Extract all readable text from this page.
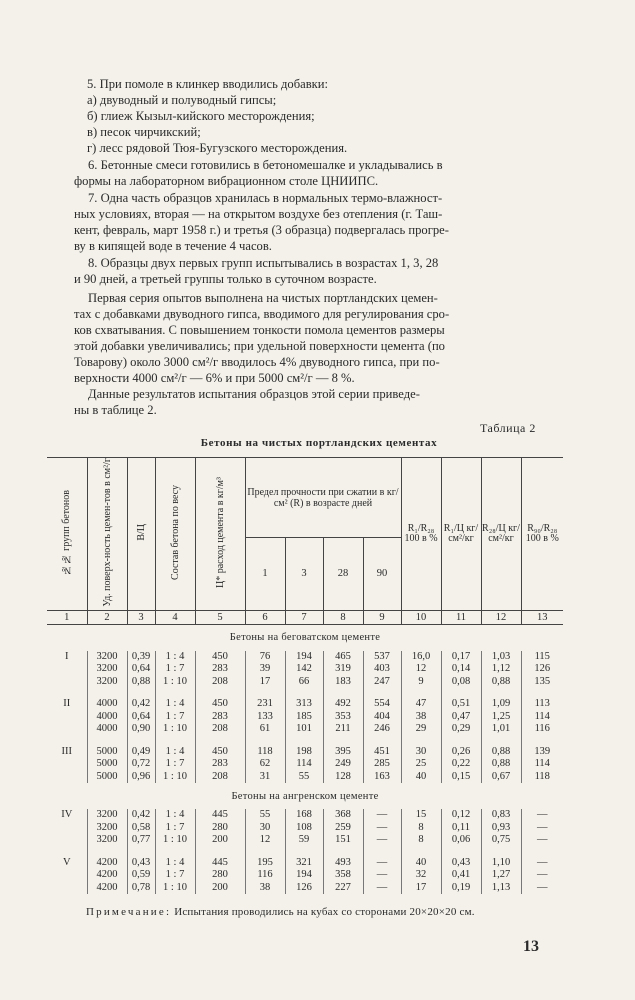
5. При помоле в клинкер вводились добавки:
а) двуводный и полуводный гипсы;
б) глиеж Кызыл-кийского месторождения;
в) песок чирчикский;
г) лесс рядовой Тюя-Бугузского месторождения.
6. Бетонные смеси готовились в бетономешалке и укладывались в
формы на лабораторном вибрационном столе ЦНИИПС.
7. Одна часть образцов хранилась в нормальных термо-влажност-
ных условиях, вторая — на открытом воздухе без отепления (г. Таш-
кент, февраль, март 1958 г.) и третья (3 образца) подвергалась прогре-
ву в кипящей воде в течение 4 часов.
8. Образцы двух первых групп испытывались в возрастах 1, 3, 28
и 90 дней, а третьей группы только в суточном возрасте.
Первая серия опытов выполнена на чистых портландских цемен-
тах с добавками двуводного гипса, вводимого для регулирования сро-
ков схватывания. С повышением тонкости помола цементов размеры
этой добавки увеличивались; при удельной поверхности цемента (по
Товарову) около 3000 см²/г вводилось 4% двуводного гипса, при по-
верхности 4000 см²/г — 6% и при 5000 см²/г — 8 %.
Данные результатов испытания образцов этой серии приведе-
ны в таблице 2.
Таблица 2
Бетоны на чистых портландских цементах
№№ групп бетонов	Уд. поверх-ность цемен-тов в см²/г	В/Ц	Состав бетона по весу	Ц* расход цемента в кг/м³	Предел прочности при сжатии в кг/см² (R) в возрасте дней				R₁/R₂₈ 100 в %	R₁/Ц кг/см²/кг	R₂₈/Ц кг/см²/кг	R₉₀/R₂₈ 100 в %
					1	3	28	90				
1	2	3	4	5	6	7	8	9	10	11	12	13
Бетоны на беговатском цементе												
I	3200	0,39	1 : 4	450	76	194	465	537	16,0	0,17	1,03	115
	3200	0,64	1 : 7	283	39	142	319	403	12	0,14	1,12	126
	3200	0,88	1 : 10	208	17	66	183	247	9	0,08	0,88	135

II	4000	0,42	1 : 4	450	231	313	492	554	47	0,51	1,09	113
	4000	0,64	1 : 7	283	133	185	353	404	38	0,47	1,25	114
	4000	0,90	1 : 10	208	61	101	211	246	29	0,29	1,01	116

III	5000	0,49	1 : 4	450	118	198	395	451	30	0,26	0,88	139
	5000	0,72	1 : 7	283	62	114	249	285	25	0,22	0,88	114
	5000	0,96	1 : 10	208	31	55	128	163	40	0,15	0,67	118
Бетоны на ангренском цементе												
IV	3200	0,42	1 : 4	445	55	168	368	—	15	0,12	0,83	—
	3200	0,58	1 : 7	280	30	108	259	—	8	0,11	0,93	—
	3200	0,77	1 : 10	200	12	59	151	—	8	0,06	0,75	—

V	4200	0,43	1 : 4	445	195	321	493	—	40	0,43	1,10	—
	4200	0,59	1 : 7	280	116	194	358	—	32	0,41	1,27	—
	4200	0,78	1 : 10	200	38	126	227	—	17	0,19	1,13	—
Примечание: Испытания проводились на кубах со сторонами 20×20×20 см.
13
